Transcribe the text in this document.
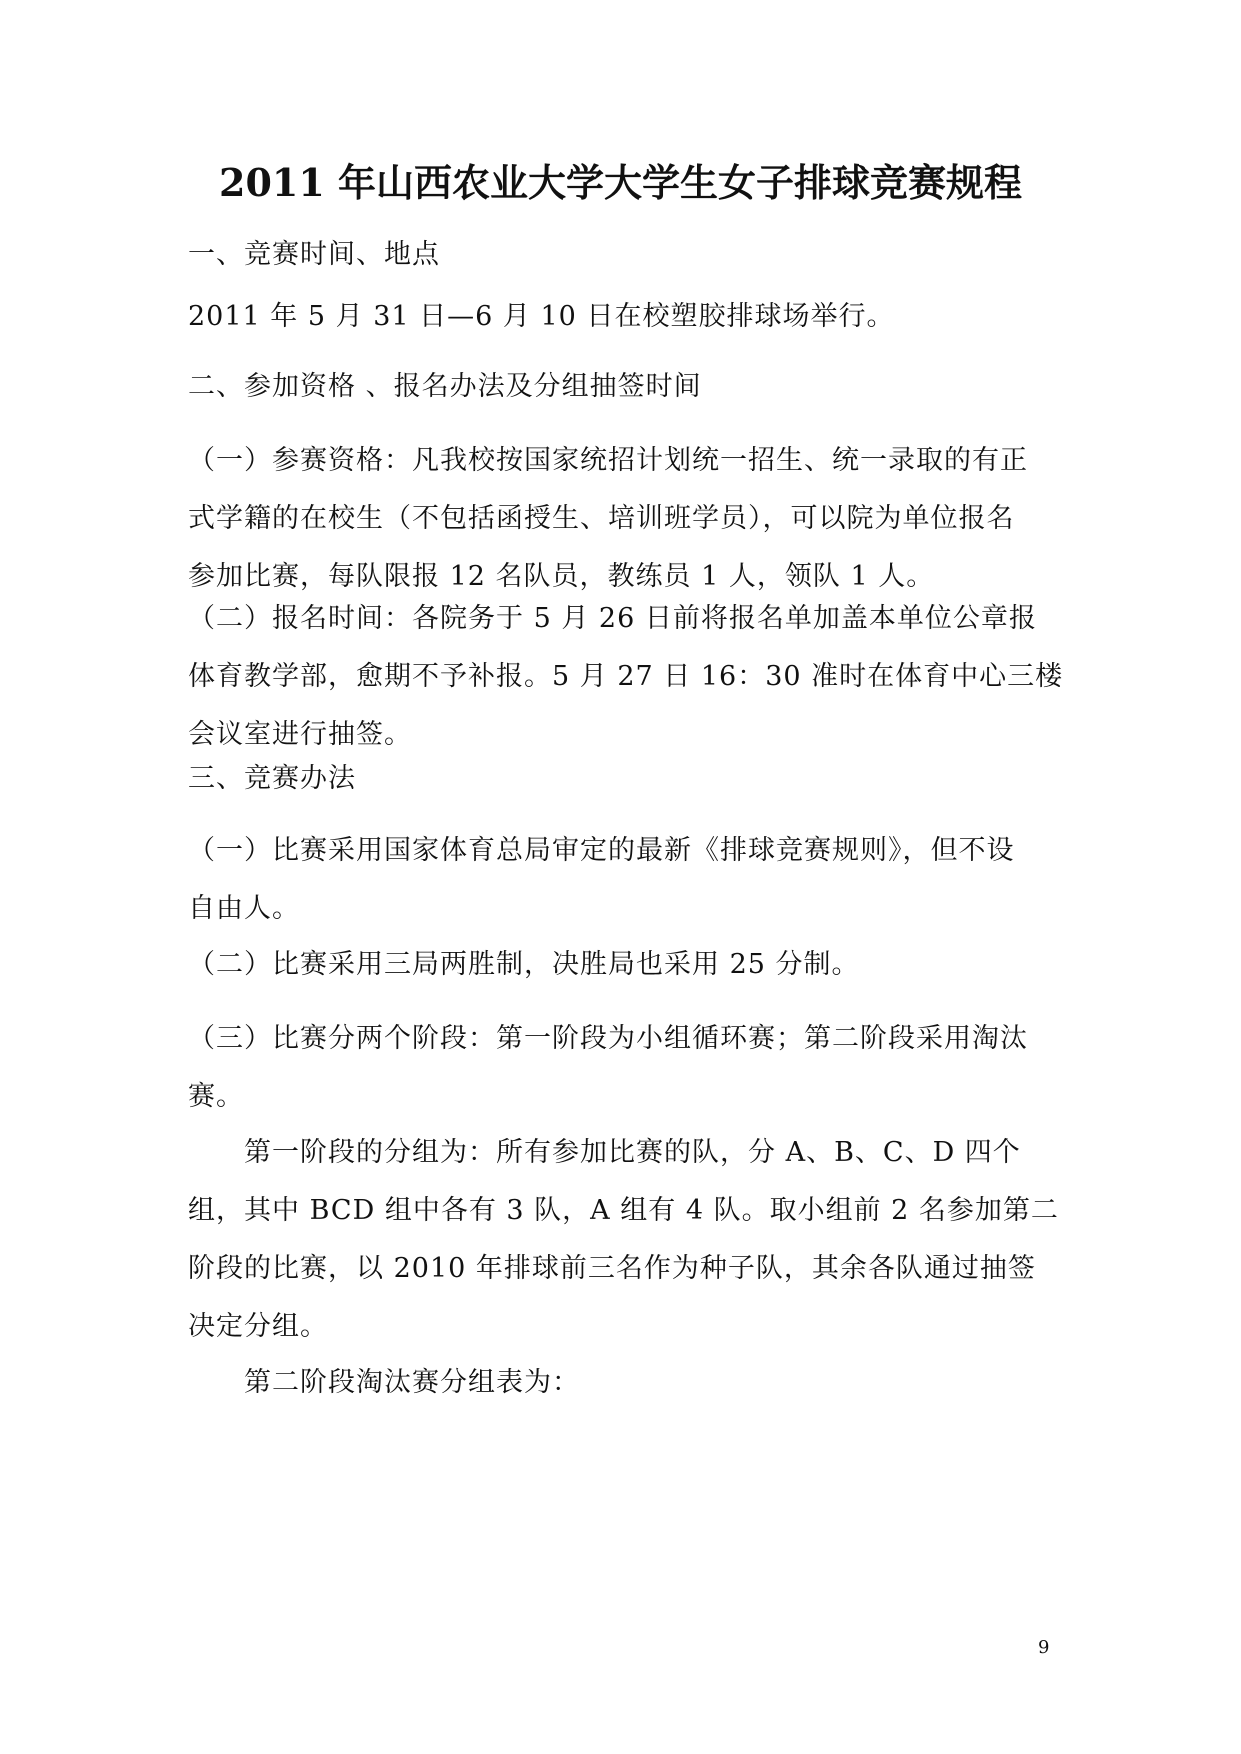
2011 年山西农业大学大学生女子排球竞赛规程
一、竞赛时间、地点
2011 年 5 月 31 日—6 月 10 日在校塑胶排球场举行。
二、参加资格 、报名办法及分组抽签时间
（一）参赛资格：凡我校按国家统招计划统一招生、统一录取的有正
式学籍的在校生（不包括函授生、培训班学员），可以院为单位报名
参加比赛，每队限报 12 名队员，教练员 1 人，领队 1 人。
（二）报名时间：各院务于 5 月 26 日前将报名单加盖本单位公章报
体育教学部，愈期不予补报。5 月 27 日 16：30 准时在体育中心三楼
会议室进行抽签。
三、竞赛办法
（一）比赛采用国家体育总局审定的最新《排球竞赛规则》，但不设
自由人。
（二）比赛采用三局两胜制，决胜局也采用 25 分制。
（三）比赛分两个阶段：第一阶段为小组循环赛；第二阶段采用淘汰
赛。
第一阶段的分组为：所有参加比赛的队，分 A、B、C、D 四个
组，其中 BCD 组中各有 3 队，A 组有 4 队。取小组前 2 名参加第二
阶段的比赛，以 2010 年排球前三名作为种子队，其余各队通过抽签
决定分组。
第二阶段淘汰赛分组表为：
9
